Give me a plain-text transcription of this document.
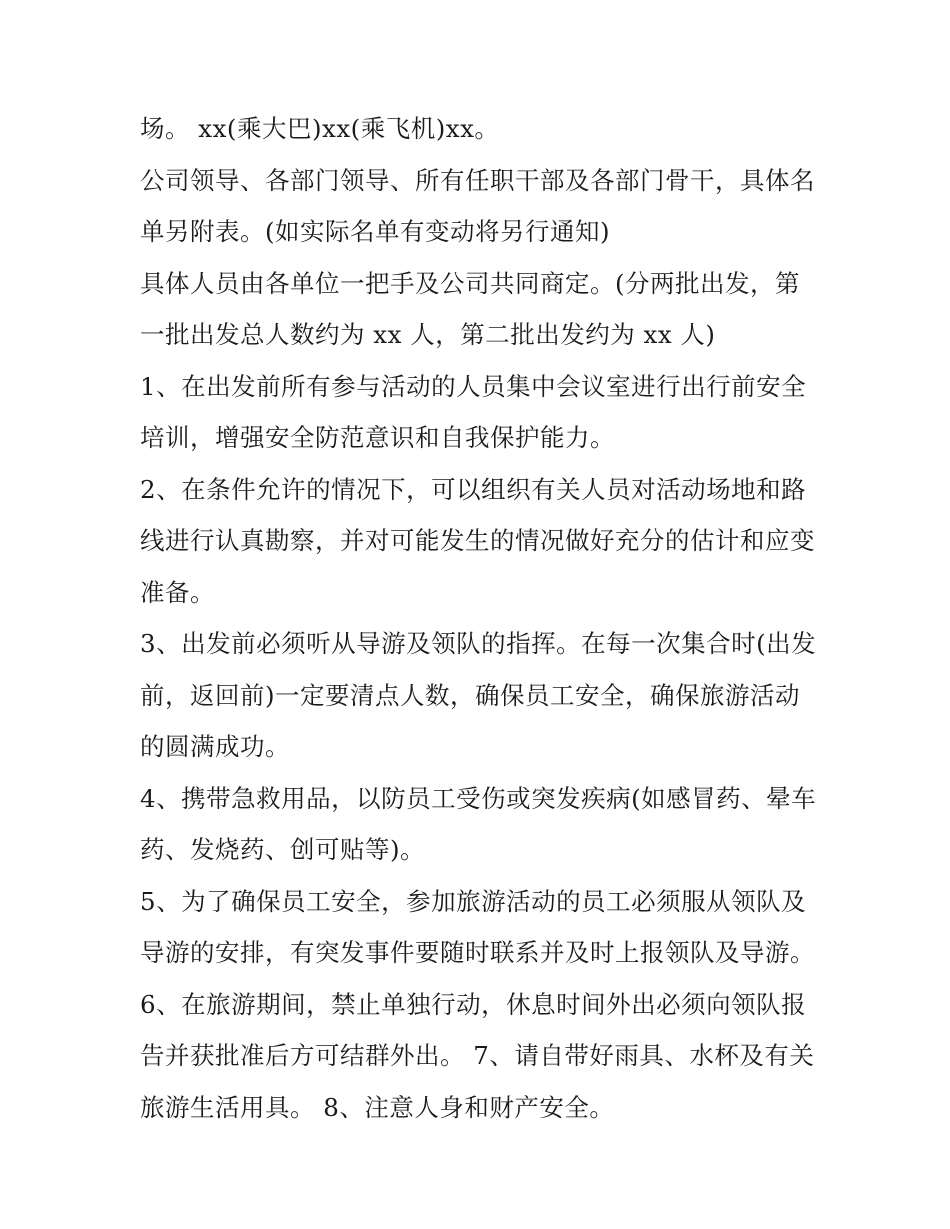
场。 xx(乘大巴)xx(乘飞机)xx。

公司领导、各部门领导、所有任职干部及各部门骨干，具体名单另附表。(如实际名单有变动将另行通知)

具体人员由各单位一把手及公司共同商定。(分两批出发，第一批出发总人数约为 xx 人，第二批出发约为 xx 人)

1、在出发前所有参与活动的人员集中会议室进行出行前安全培训，增强安全防范意识和自我保护能力。

2、在条件允许的情况下，可以组织有关人员对活动场地和路线进行认真勘察，并对可能发生的情况做好充分的估计和应变准备。

3、出发前必须听从导游及领队的指挥。在每一次集合时(出发前，返回前)一定要清点人数，确保员工安全，确保旅游活动的圆满成功。

4、携带急救用品，以防员工受伤或突发疾病(如感冒药、晕车药、发烧药、创可贴等)。

5、为了确保员工安全，参加旅游活动的员工必须服从领队及导游的安排，有突发事件要随时联系并及时上报领队及导游。

6、在旅游期间，禁止单独行动，休息时间外出必须向领队报告并获批准后方可结群外出。 7、请自带好雨具、水杯及有关旅游生活用具。 8、注意人身和财产安全。
